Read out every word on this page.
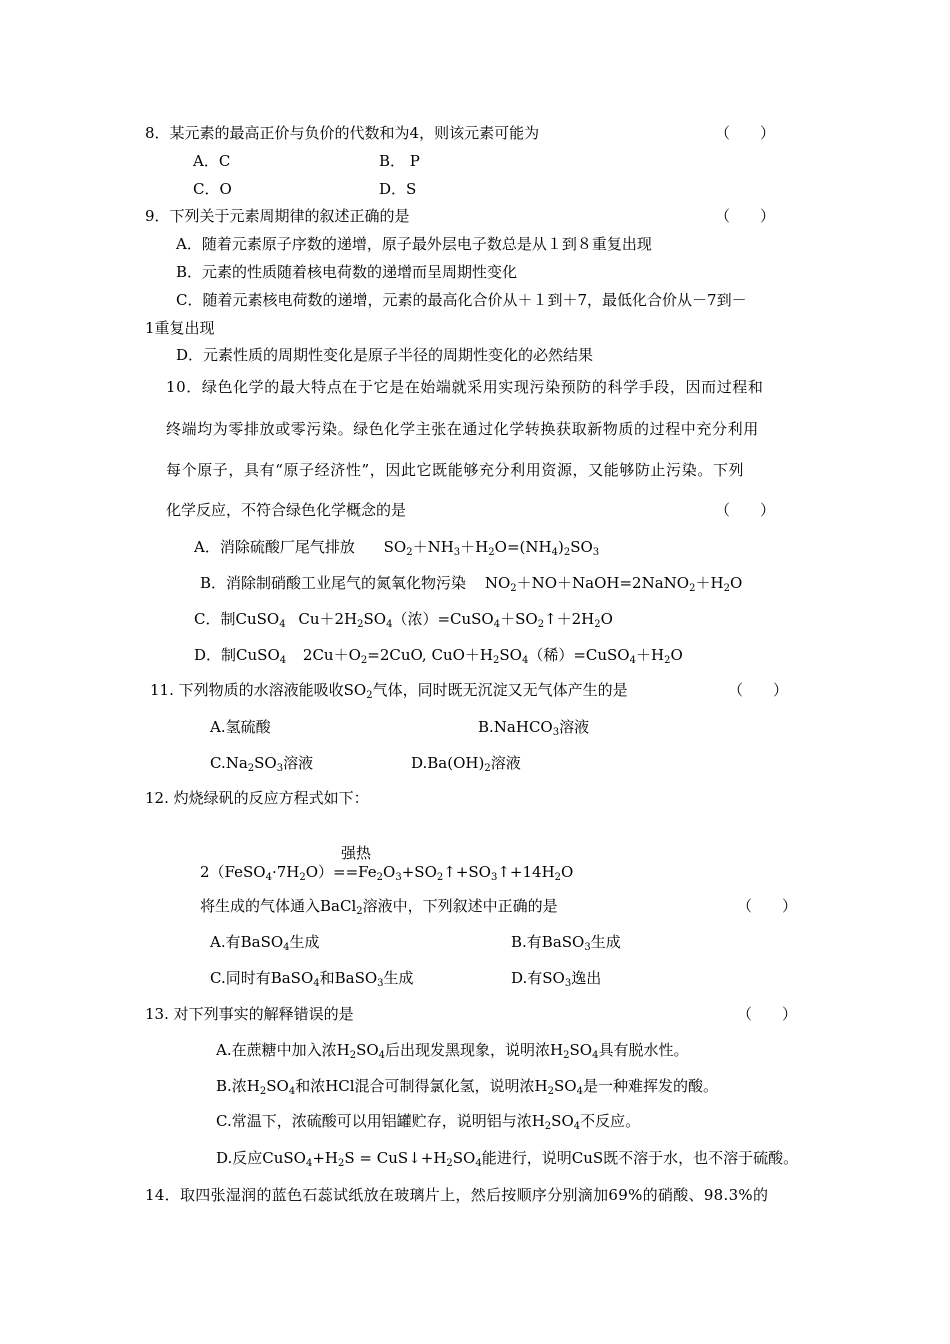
8．某元素的最高正价与负价的代数和为4，则该元素可能为	（　　）
A．C	B． P
C．O	D．S
9．下列关于元素周期律的叙述正确的是	（　　）
A．随着元素原子序数的递增，原子最外层电子数总是从１到８重复出现
B．元素的性质随着核电荷数的递增而呈周期性变化
C．随着元素核电荷数的递增，元素的最高化合价从＋１到＋7，最低化合价从－7到－
1重复出现
D．元素性质的周期性变化是原子半径的周期性变化的必然结果
10．绿色化学的最大特点在于它是在始端就采用实现污染预防的科学手段，因而过程和
终端均为零排放或零污染。绿色化学主张在通过化学转换获取新物质的过程中充分利用
每个原子，具有“原子经济性”，因此它既能够充分利用资源，又能够防止污染。下列
化学反应，不符合绿色化学概念的是	（　　）
A．消除硫酸厂尾气排放 $SO_2+NH_3+H_2O=(NH_4)_2SO_3$
B．消除制硝酸工业尾气的氮氧化物污染 $NO_2+NO+NaOH=2NaNO_2+H_2O$
C．制CuSO$_4$ $Cu+2H_2SO_4$（浓）$=CuSO_4+SO_2↑+2H_2O$
D．制CuSO$_4$ $2Cu+O_2=2CuO$, $CuO+H_2SO_4$（稀）$=CuSO_4+H_2O$
11. 下列物质的水溶液能吸收$SO_2$气体，同时既无沉淀又无气体产生的是	（　　）
A.氢硫酸	B.NaHCO$_3$溶液
$C.Na_2SO_3$溶液	$D.Ba(OH)_2$溶液
12. 灼烧绿矾的反应方程式如下：
强热
$2(FeSO_4\cdot 7H_2O)==Fe_2O_3+SO_2↑+SO_3↑+14H_2O$
将生成的气体通入BaCl$_2$溶液中，下列叙述中正确的是	（　　）
A.有BaSO$_4$生成	B.有BaSO$_3$生成
C.同时有BaSO$_4$和BaSO$_3$生成	D.有$SO_3$逸出
13. 对下列事实的解释错误的是	（　　）
A.在蔗糖中加入浓$H_2SO_4$后出现发黑现象，说明浓$H_2SO_4$具有脱水性。
B.浓$H_2SO_4$和浓HCl混合可制得氯化氢，说明浓$H_2SO_4$是一种难挥发的酸。
C.常温下，浓硫酸可以用铝罐贮存，说明铝与浓$H_2SO_4$不反应。
D.反应$CuSO_4+H_2S$ = $CuS↓+H_2SO_4$能进行，说明CuS既不溶于水，也不溶于硫酸。
14．取四张湿润的蓝色石蕊试纸放在玻璃片上，然后按顺序分别滴加69%的硝酸、98.3%的
